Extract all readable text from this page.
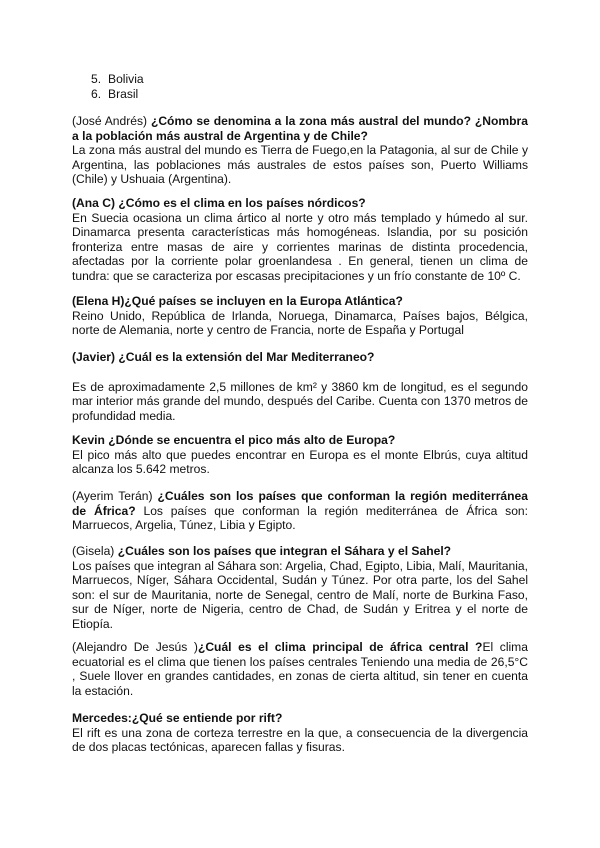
5. Bolivia
6. Brasil

(José Andrés) ¿Cómo se denomina a la zona más austral del mundo? ¿Nombra a la población más austral de Argentina y de Chile?

La zona más austral del mundo es Tierra de Fuego,en la Patagonia, al sur de Chile y Argentina, las poblaciones más australes de estos países son, Puerto Williams (Chile) y Ushuaia (Argentina).

(Ana C) ¿Cómo es el clima en los países nórdicos?

En Suecia ocasiona un clima ártico al norte y otro más templado y húmedo al sur. Dinamarca presenta características más homogéneas. Islandia, por su posición fronteriza entre masas de aire y corrientes marinas de distinta procedencia, afectadas por la corriente polar groenlandesa . En general, tienen un clima de tundra: que se caracteriza por escasas precipitaciones y un frío constante de 10º C.

(Elena H)¿Qué países se incluyen en la Europa Atlántica?

Reino Unido, República de Irlanda, Noruega, Dinamarca, Países bajos, Bélgica, norte de Alemania, norte y centro de Francia, norte de España y Portugal

(Javier) ¿Cuál es la extensión del Mar Mediterraneo?

Es de aproximadamente 2,5 millones de km² y 3860 km de longitud, es el segundo mar interior más grande del mundo, después del Caribe. Cuenta con 1370 metros de profundidad media.

Kevin ¿Dónde se encuentra el pico más alto de Europa?

El pico más alto que puedes encontrar en Europa es el monte Elbrús, cuya altitud alcanza los 5.642 metros.

(Ayerim Terán) ¿Cuáles son los países que conforman la región mediterránea de África? Los países que conforman la región mediterránea de África son: Marruecos, Argelia, Túnez, Libia y Egipto.

(Gisela) ¿Cuáles son los países que integran el Sáhara y el Sahel?

Los países que integran al Sáhara son: Argelia, Chad, Egipto, Libia, Malí, Mauritania, Marruecos, Níger, Sáhara Occidental, Sudán y Túnez. Por otra parte, los del Sahel son: el sur de Mauritania, norte de Senegal, centro de Malí, norte de Burkina Faso, sur de Níger, norte de Nigeria, centro de Chad, de Sudán y Eritrea y el norte de Etiopía.

(Alejandro De Jesús )¿Cuál es el clima principal de áfrica central ?El clima ecuatorial es el clima que tienen los países centrales Teniendo una media de 26,5°C , Suele llover en grandes cantidades, en zonas de cierta altitud, sin tener en cuenta la estación.

Mercedes:¿Qué se entiende por rift?

El rift es una zona de corteza terrestre en la que, a consecuencia de la divergencia de dos placas tectónicas, aparecen fallas y fisuras.
